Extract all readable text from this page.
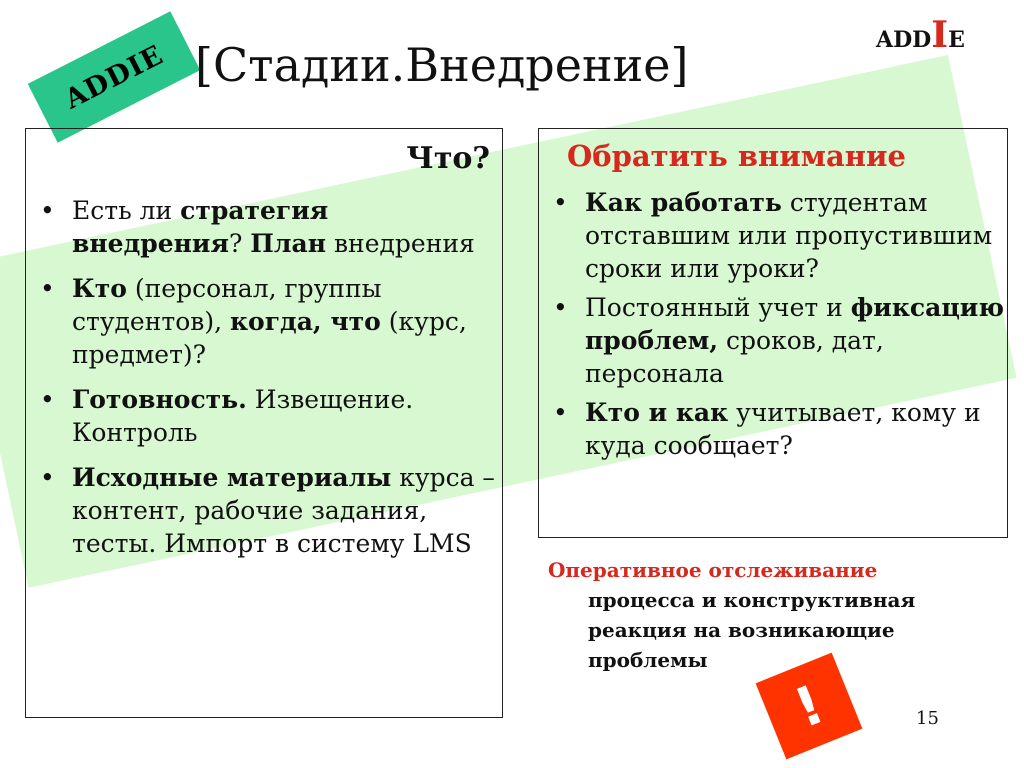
ADDIE [Стадии.Внедрение]	ADDIE
Что?
• Есть ли стратегия внедрения? План внедрения
• Кто (персонал, группы студентов), когда, что (курс, предмет)?
• Готовность. Извещение. Контроль
• Исходные материалы курса – контент, рабочие задания, тесты. Импорт в систему LMS
Обратить внимание
• Как работать студентам отставшим или пропустившим сроки или уроки?
• Постоянный учет и фиксацию проблем, сроков, дат, персонала
• Кто и как учитывает, кому и куда сообщает?
Оперативное отслеживание
процесса и конструктивная реакция на возникающие проблемы
!	15
